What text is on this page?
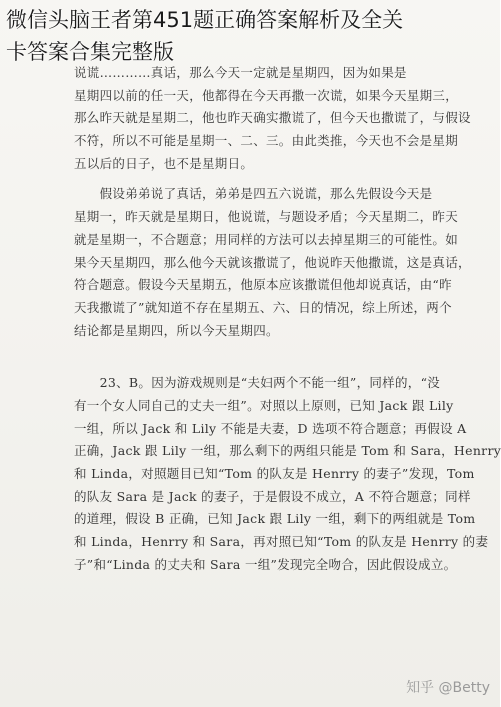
微信头脑王者第451题正确答案解析及全关
卡答案合集完整版
说谎…………真话，那么今天一定就是星期四，因为如果是
星期四以前的任一天，他都得在今天再撒一次谎，如果今天星期三，
那么昨天就是星期二，他也昨天确实撒谎了，但今天也撒谎了，与假设
不符，所以不可能是星期一、二、三。由此类推，今天也不会是星期
五以后的日子，也不是星期日。
　　假设弟弟说了真话，弟弟是四五六说谎，那么先假设今天是
星期一，昨天就是星期日，他说谎，与题设矛盾；今天星期二，昨天
就是星期一，不合题意；用同样的方法可以去掉星期三的可能性。如
果今天星期四，那么他今天就该撒谎了，他说昨天他撒谎，这是真话，
符合题意。假设今天星期五，他原本应该撒谎但他却说真话，由“昨
天我撒谎了”就知道不存在星期五、六、日的情况，综上所述，两个
结论都是星期四，所以今天星期四。
　　23、B。因为游戏规则是“夫妇两个不能一组”，同样的，“没
有一个女人同自己的丈夫一组”。对照以上原则，已知 Jack 跟 Lily
一组，所以 Jack 和 Lily 不能是夫妻，D 选项不符合题意；再假设 A
正确，Jack 跟 Lily 一组，那么剩下的两组只能是 Tom 和 Sara，Henrry
和 Linda，对照题目已知“Tom 的队友是 Henrry 的妻子”发现，Tom
的队友 Sara 是 Jack 的妻子，于是假设不成立，A 不符合题意；同样
的道理，假设 B 正确，已知 Jack 跟 Lily 一组，剩下的两组就是 Tom
和 Linda，Henrry 和 Sara，再对照已知“Tom 的队友是 Henrry 的妻
子”和“Linda 的丈夫和 Sara 一组”发现完全吻合，因此假设成立。
知乎 @Betty
